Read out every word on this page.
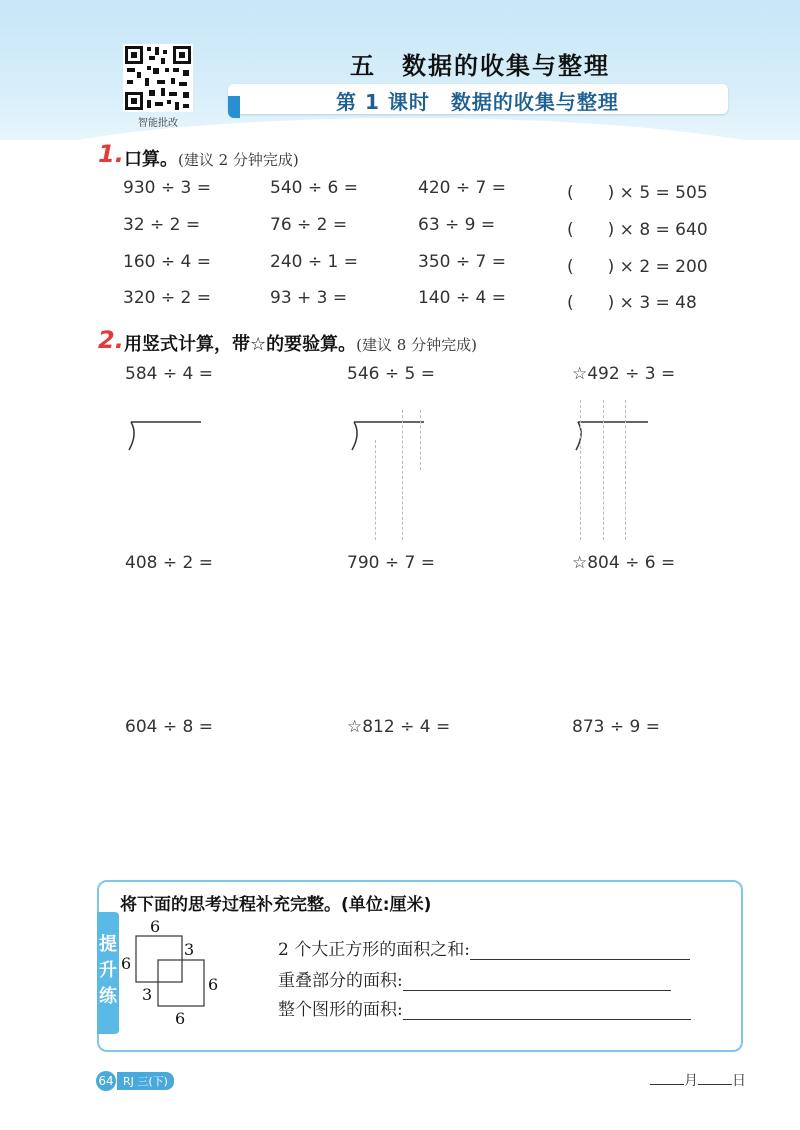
智能批改
五　数据的收集与整理
第 1 课时　数据的收集与整理
1. 口算。(建议 2 分钟完成)
930 ÷ 3 =	540 ÷ 6 =	420 ÷ 7 =	(　　) × 5 = 505
32 ÷ 2 =	76 ÷ 2 =	63 ÷ 9 =	(　　) × 8 = 640
160 ÷ 4 =	240 ÷ 1 =	350 ÷ 7 =	(　　) × 2 = 200
320 ÷ 2 =	93 + 3 =	140 ÷ 4 =	(　　) × 3 = 48
2. 用竖式计算，带☆的要验算。(建议 8 分钟完成)
584 ÷ 4 =	546 ÷ 5 =	☆492 ÷ 3 =
408 ÷ 2 =	790 ÷ 7 =	☆804 ÷ 6 =
604 ÷ 8 =	☆812 ÷ 4 =	873 ÷ 9 =
提
升
练
将下面的思考过程补充完整。(单位:厘米)
6
3
6
6
3
6
2 个大正方形的面积之和:
重叠部分的面积:
整个图形的面积:
64 RJ 三(下)	月 日
